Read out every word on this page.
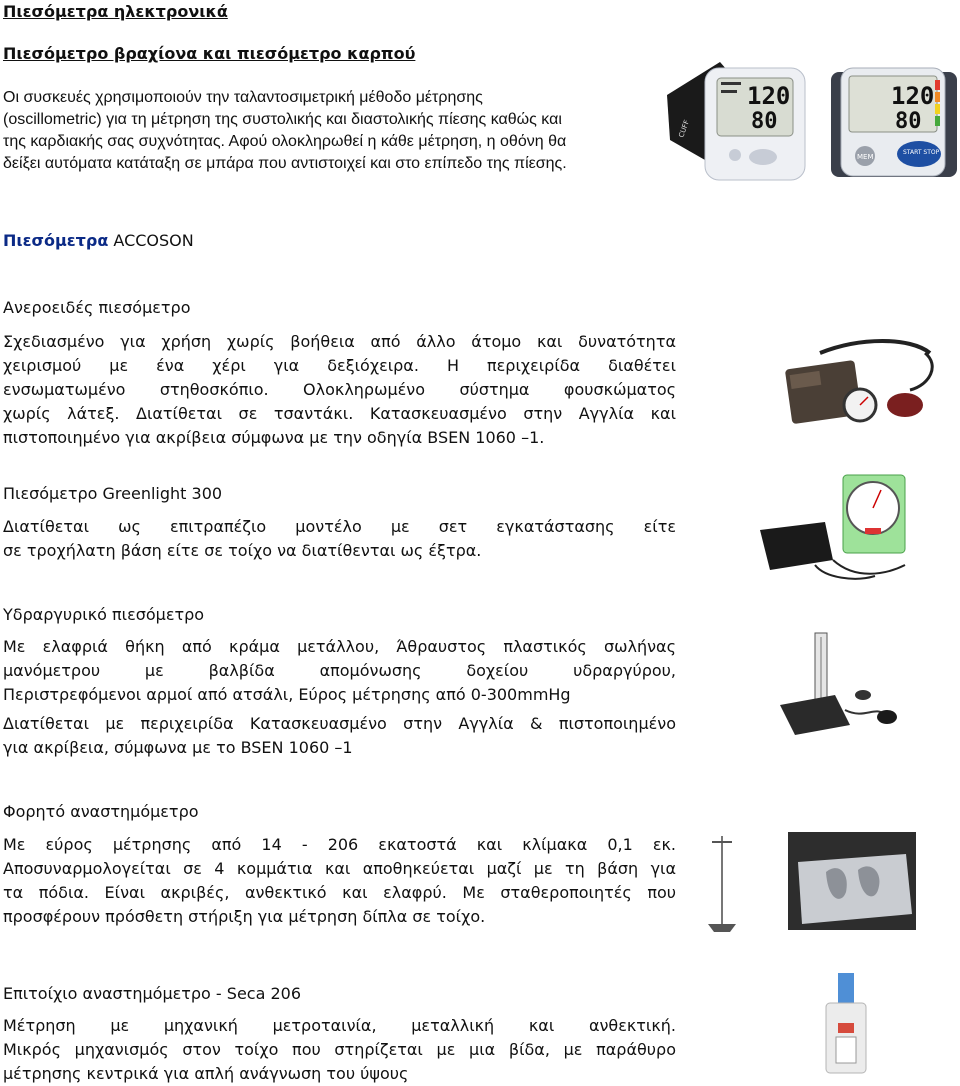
Πιεσόμετρα ηλεκτρονικά
Πιεσόμετρο βραχίονα και πιεσόμετρο καρπού
Οι συσκευές χρησιμοποιούν την ταλαντοσιμετρική μέθοδο μέτρησης
(oscillometric) για τη μέτρηση της συστολικής και διαστολικής πίεσης καθώς και
της καρδιακής σας συχνότητας. Αφού ολοκληρωθεί η κάθε μέτρηση, η οθόνη θα
δείξει αυτόματα κατάταξη σε μπάρα που αντιστοιχεί και στο επίπεδο της πίεσης.
CUFF
120
80
120
80
MEM
START STOP
Πιεσόμετρα ACCOSON
Ανεροειδές πιεσόμετρο
Σχεδιασμένο για χρήση χωρίς βοήθεια από άλλο άτομο και δυνατότητα
χειρισμού με ένα χέρι για δεξιόχειρα. Η περιχειρίδα διαθέτει
ενσωματωμένο στηθοσκόπιο. Ολοκληρωμένο σύστημα φουσκώματος
χωρίς λάτεξ. Διατίθεται σε τσαντάκι. Κατασκευασμένο στην Αγγλία και
πιστοποιημένο για ακρίβεια σύμφωνα με την οδηγία BSEN 1060 –1.
Πιεσόμετρο Greenlight 300
Διατίθεται ως επιτραπέζιο μοντέλο με σετ εγκατάστασης είτε
σε τροχήλατη βάση είτε σε τοίχο να διατίθενται ως έξτρα.
Υδραργυρικό πιεσόμετρο
Με ελαφριά θήκη από κράμα μετάλλου, Άθραυστος πλαστικός σωλήνας
μανόμετρου με βαλβίδα απομόνωσης δοχείου υδραργύρου,
Περιστρεφόμενοι αρμοί από ατσάλι, Εύρος μέτρησης από 0-300mmHg
Διατίθεται με περιχειρίδα Κατασκευασμένο στην Αγγλία & πιστοποιημένο
για ακρίβεια, σύμφωνα με το BSEN 1060 –1
Φορητό αναστημόμετρο
Με εύρος μέτρησης από 14 - 206 εκατοστά και κλίμακα 0,1 εκ.
Αποσυναρμολογείται σε 4 κομμάτια και αποθηκεύεται μαζί με τη βάση για
τα πόδια. Είναι ακριβές, ανθεκτικό και ελαφρύ. Με σταθεροποιητές που
προσφέρουν πρόσθετη στήριξη για μέτρηση δίπλα σε τοίχο.
Επιτοίχιο αναστημόμετρο - Seca 206
Μέτρηση με μηχανική μετροταινία, μεταλλική και ανθεκτική.
Μικρός μηχανισμός στον τοίχο που στηρίζεται με μια βίδα, με παράθυρο
μέτρησης κεντρικά για απλή ανάγνωση του ύψους
